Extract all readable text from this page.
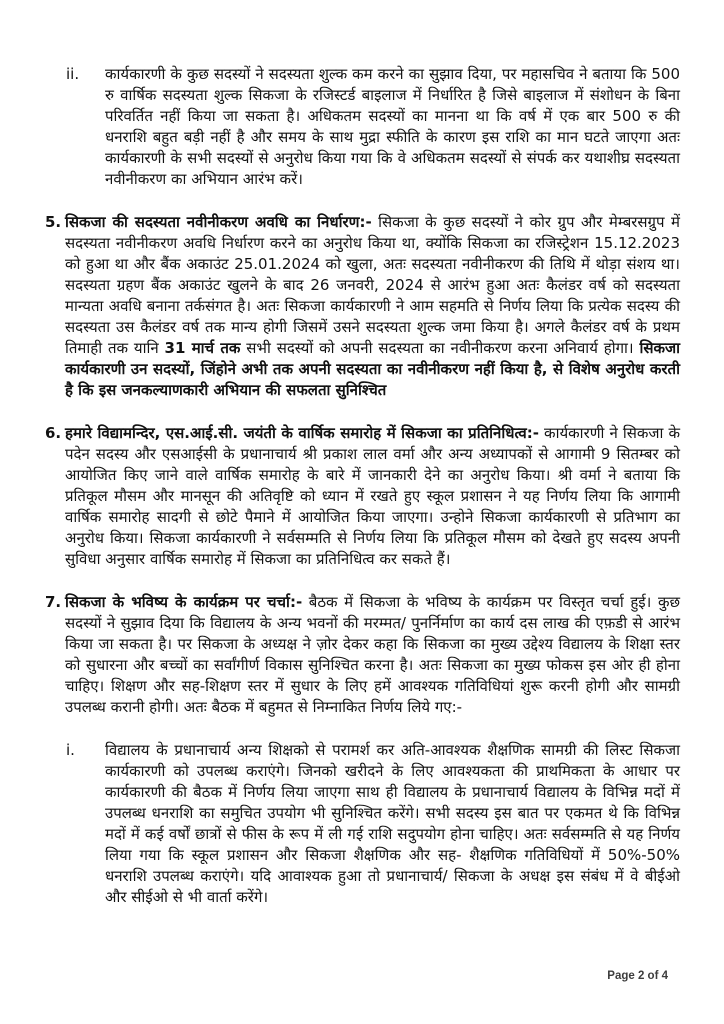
ii.	कार्यकारणी के कुछ सदस्यों ने सदस्यता शुल्क कम करने का सुझाव दिया, पर महासचिव ने बताया कि 500 रु वार्षिक सदस्यता शुल्क सिकजा के रजिस्टर्ड बाइलाज में निर्धारित है जिसे बाइलाज में संशोधन के बिना परिवर्तित नहीं किया जा सकता है। अधिकतम सदस्यों का मानना था कि वर्ष में एक बार 500 रु की धनराशि बहुत बड़ी नहीं है और समय के साथ मुद्रा स्फीति के कारण इस राशि का मान घटते जाएगा अतः कार्यकारणी के सभी सदस्यों से अनुरोध किया गया कि वे अधिकतम सदस्यों से संपर्क कर यथाशीघ्र सदस्यता नवीनीकरण का अभियान आरंभ करें।
5. सिकजा की सदस्यता नवीनीकरण अवधि का निर्धारण:- सिकजा के कुछ सदस्यों ने कोर ग्रुप और मेम्बरसग्रुप में सदस्यता नवीनीकरण अवधि निर्धारण करने का अनुरोध किया था, क्योंकि सिकजा का रजिस्ट्रेशन 15.12.2023 को हुआ था और बैंक अकाउंट 25.01.2024 को खुला, अतः सदस्यता नवीनीकरण की तिथि में थोड़ा संशय था। सदस्यता ग्रहण बैंक अकाउंट खुलने के बाद 26 जनवरी, 2024 से आरंभ हुआ अतः कैलंडर वर्ष को सदस्यता मान्यता अवधि बनाना तर्कसंगत है। अतः सिकजा कार्यकारणी ने आम सहमति से निर्णय लिया कि प्रत्येक सदस्य की सदस्यता उस कैलंडर वर्ष तक मान्य होगी जिसमें उसने सदस्यता शुल्क जमा किया है। अगले कैलंडर वर्ष के प्रथम तिमाही तक यानि 31 मार्च तक सभी सदस्यों को अपनी सदस्यता का नवीनीकरण करना अनिवार्य होगा। सिकजा कार्यकारणी उन सदस्यों, जिंहोने अभी तक अपनी सदस्यता का नवीनीकरण नहीं किया है, से विशेष अनुरोध करती है कि इस जनकल्याणकारी अभियान की सफलता सुनिश्चित
6. हमारे विद्यामन्दिर, एस.आई.सी. जयंती के वार्षिक समारोह में सिकजा का प्रतिनिधित्व:- कार्यकारणी ने सिकजा के पदेन सदस्य और एसआईसी के प्रधानाचार्य श्री प्रकाश लाल वर्मा और अन्य अध्यापकों से आगामी 9 सितम्बर को आयोजित किए जाने वाले वार्षिक समारोह के बारे में जानकारी देने का अनुरोध किया। श्री वर्मा ने बताया कि प्रतिकूल मौसम और मानसून की अतिवृष्टि को ध्यान में रखते हुए स्कूल प्रशासन ने यह निर्णय लिया कि आगामी वार्षिक समारोह सादगी से छोटे पैमाने में आयोजित किया जाएगा। उन्होने सिकजा कार्यकारणी से प्रतिभाग का अनुरोध किया। सिकजा कार्यकारणी ने सर्वसम्मति से निर्णय लिया कि प्रतिकूल मौसम को देखते हुए सदस्य अपनी सुविधा अनुसार वार्षिक समारोह में सिकजा का प्रतिनिधित्व कर सकते हैं।
7. सिकजा के भविष्य के कार्यक्रम पर चर्चा:- बैठक में सिकजा के भविष्य के कार्यक्रम पर विस्तृत चर्चा हुई। कुछ सदस्यों ने सुझाव दिया कि विद्यालय के अन्य भवनों की मरम्मत/ पुनर्निर्माण का कार्य दस लाख की एफ़डी से आरंभ किया जा सकता है। पर सिकजा के अध्यक्ष ने ज़ोर देकर कहा कि सिकजा का मुख्य उद्देश्य विद्यालय के शिक्षा स्तर को सुधारना और बच्चों का सर्वांगीर्ण विकास सुनिश्चित करना है। अतः सिकजा का मुख्य फोकस इस ओर ही होना चाहिए। शिक्षण और सह-शिक्षण स्तर में सुधार के लिए हमें आवश्यक गतिविधियां शुरू करनी होगी और सामग्री उपलब्ध करानी होगी। अतः बैठक में बहुमत से निम्नाकित निर्णय लिये गए:-
i.	विद्यालय के प्रधानाचार्य अन्य शिक्षको से परामर्श कर अति-आवश्यक शैक्षणिक सामग्री की लिस्ट सिकजा कार्यकारणी को उपलब्ध कराएंगे। जिनको खरीदने के लिए आवश्यकता की प्राथमिकता के आधार पर कार्यकारणी की बैठक में निर्णय लिया जाएगा साथ ही विद्यालय के प्रधानाचार्य विद्यालय के विभिन्न मदों में उपलब्ध धनराशि का समुचित उपयोग भी सुनिश्चित करेंगे। सभी सदस्य इस बात पर एकमत थे कि विभिन्न मदों में कई वर्षों छात्रों से फीस के रूप में ली गई राशि सदुपयोग होना चाहिए। अतः सर्वसम्मति से यह निर्णय लिया गया कि स्कूल प्रशासन और सिकजा शैक्षणिक और सह- शैक्षणिक गतिविधियों में 50%-50% धनराशि उपलब्ध कराएंगे। यदि आवाश्यक हुआ तो प्रधानाचार्य/ सिकजा के अधक्ष इस संबंध में वे बीईओ और सीईओ से भी वार्ता करेंगे।
Page 2 of 4
